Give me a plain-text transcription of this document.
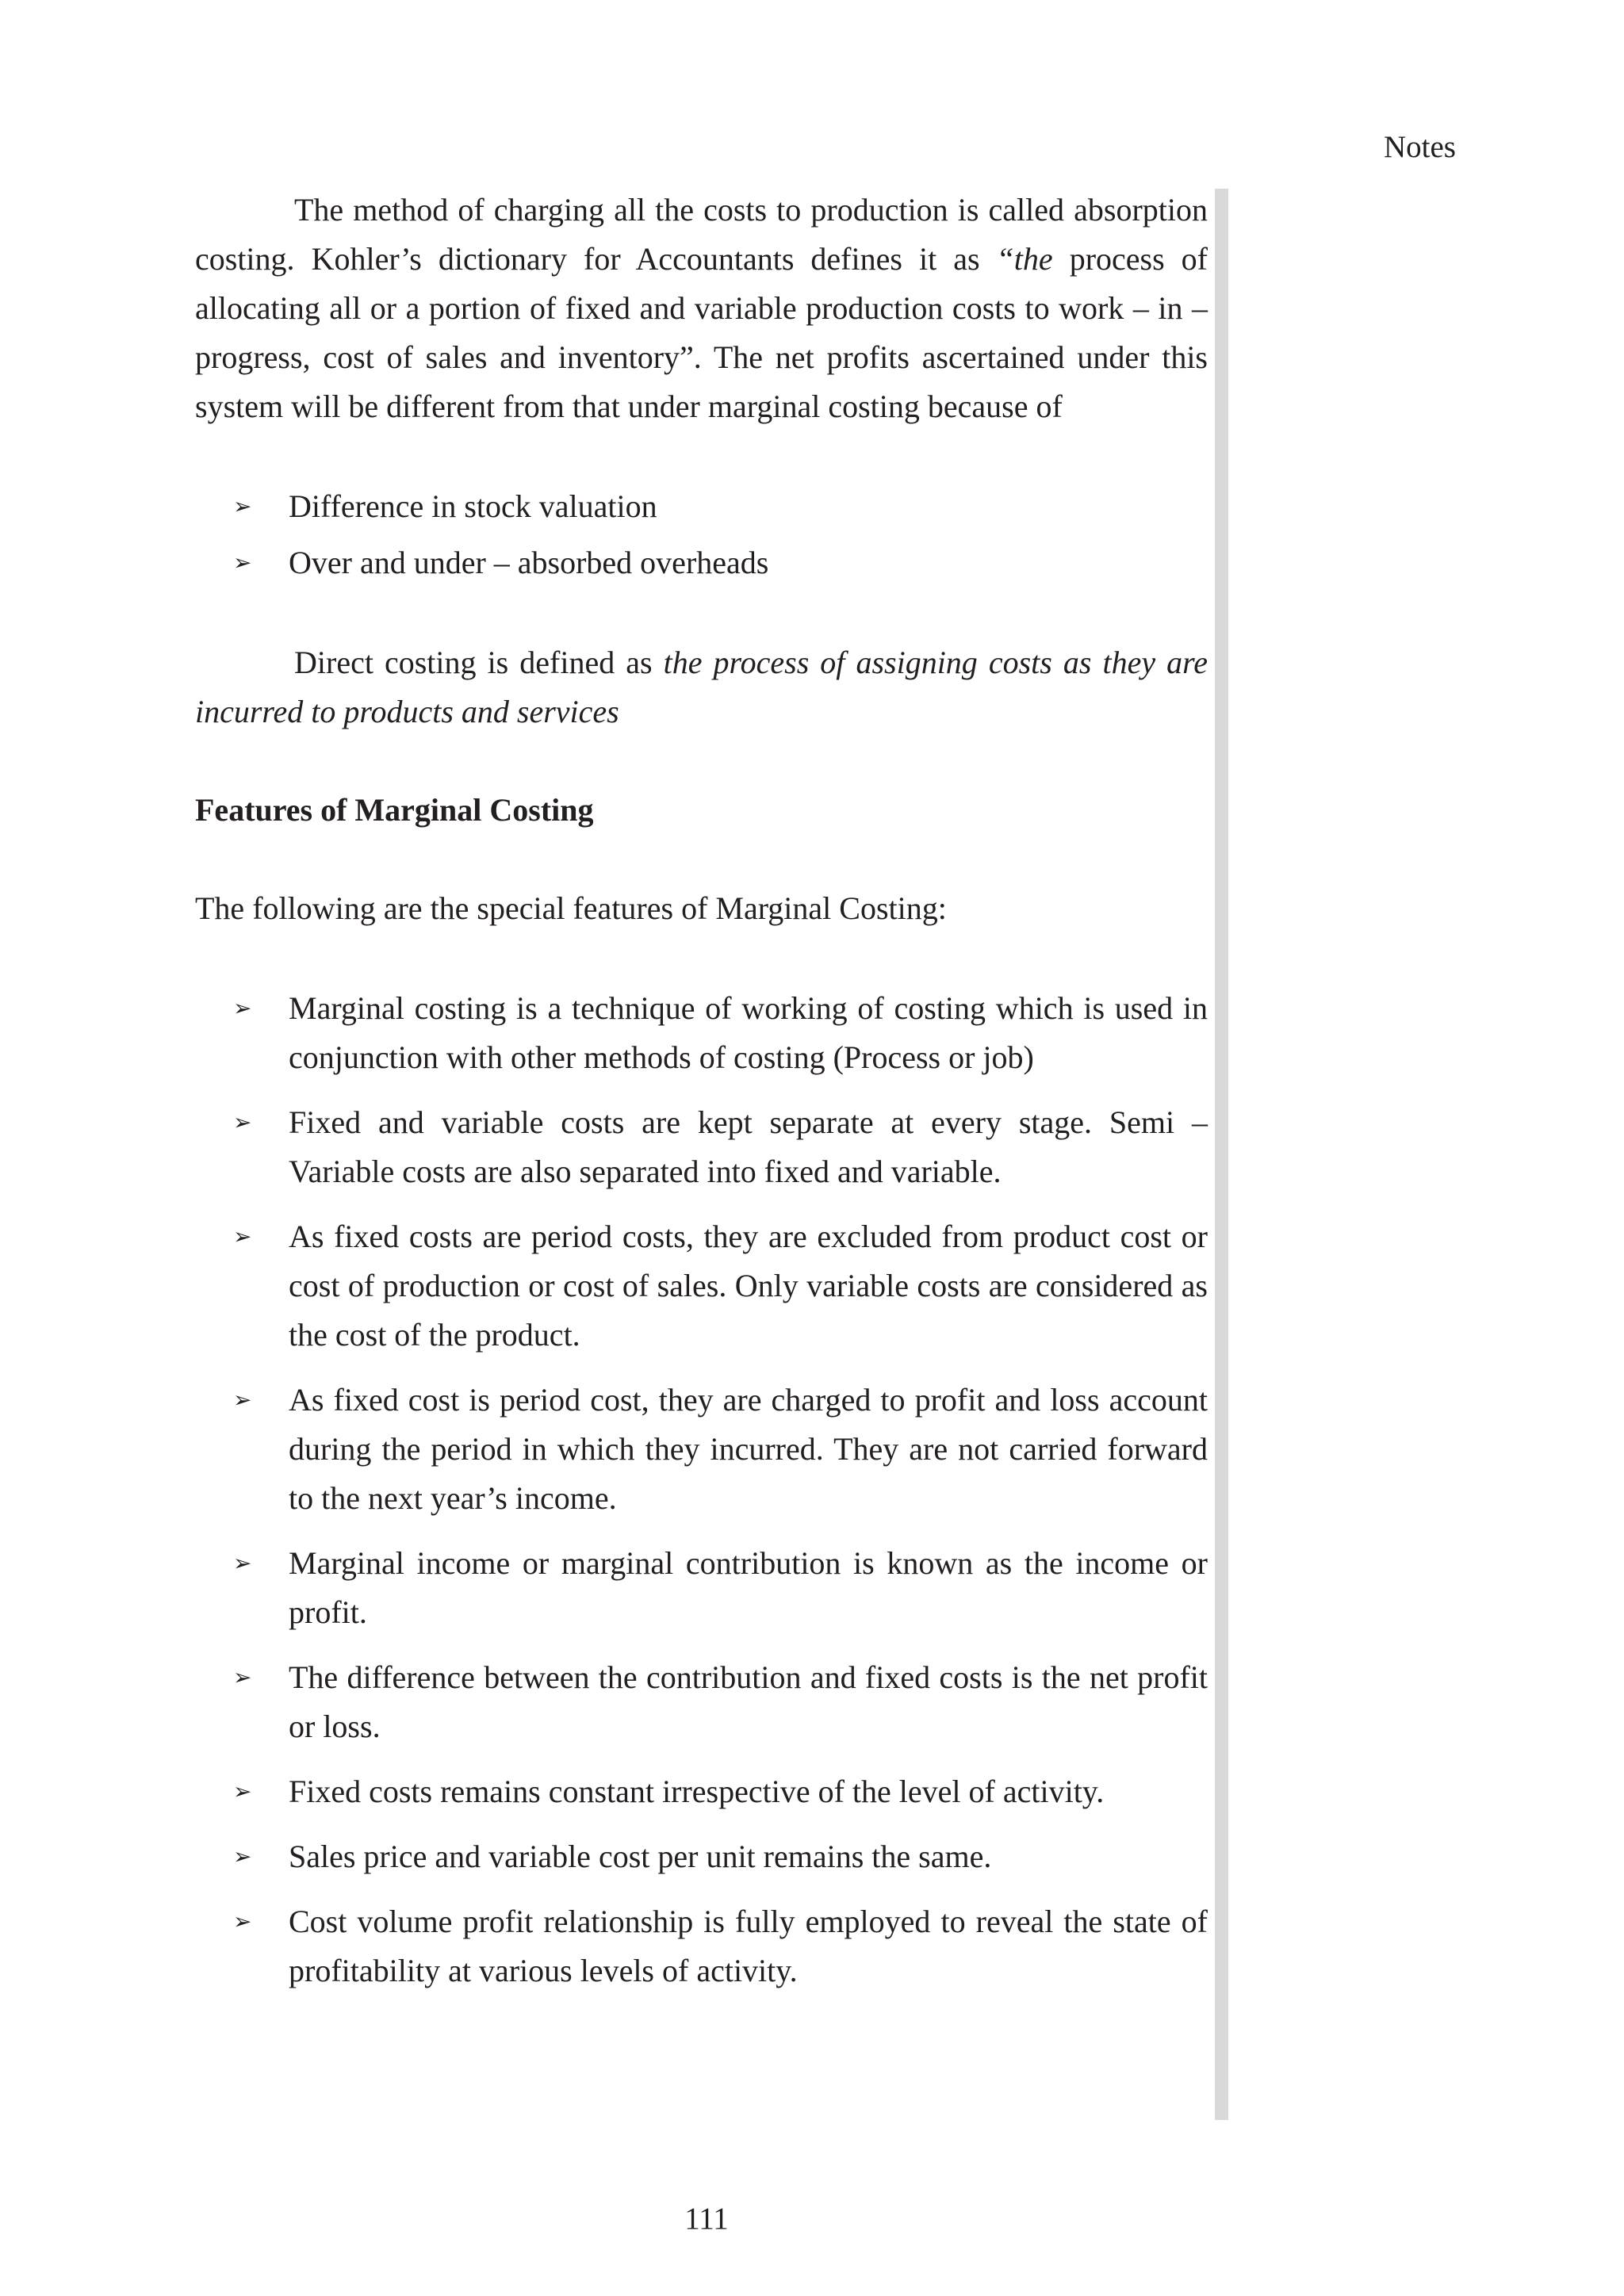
Notes

The method of charging all the costs to production is called absorption costing. Kohler’s dictionary for Accountants defines it as “the process of allocating all or a portion of fixed and variable production costs to work – in – progress, cost of sales and inventory”. The net profits ascertained under this system will be different from that under marginal costing because of

➢ Difference in stock valuation
➢ Over and under – absorbed overheads

Direct costing is defined as the process of assigning costs as they are incurred to products and services

Features of Marginal Costing

The following are the special features of Marginal Costing:

➢ Marginal costing is a technique of working of costing which is used in conjunction with other methods of costing (Process or job)
➢ Fixed and variable costs are kept separate at every stage. Semi – Variable costs are also separated into fixed and variable.
➢ As fixed costs are period costs, they are excluded from product cost or cost of production or cost of sales. Only variable costs are considered as the cost of the product.
➢ As fixed cost is period cost, they are charged to profit and loss account during the period in which they incurred. They are not carried forward to the next year’s income.
➢ Marginal income or marginal contribution is known as the income or profit.
➢ The difference between the contribution and fixed costs is the net profit or loss.
➢ Fixed costs remains constant irrespective of the level of activity.
➢ Sales price and variable cost per unit remains the same.
➢ Cost volume profit relationship is fully employed to reveal the state of profitability at various levels of activity.
111
